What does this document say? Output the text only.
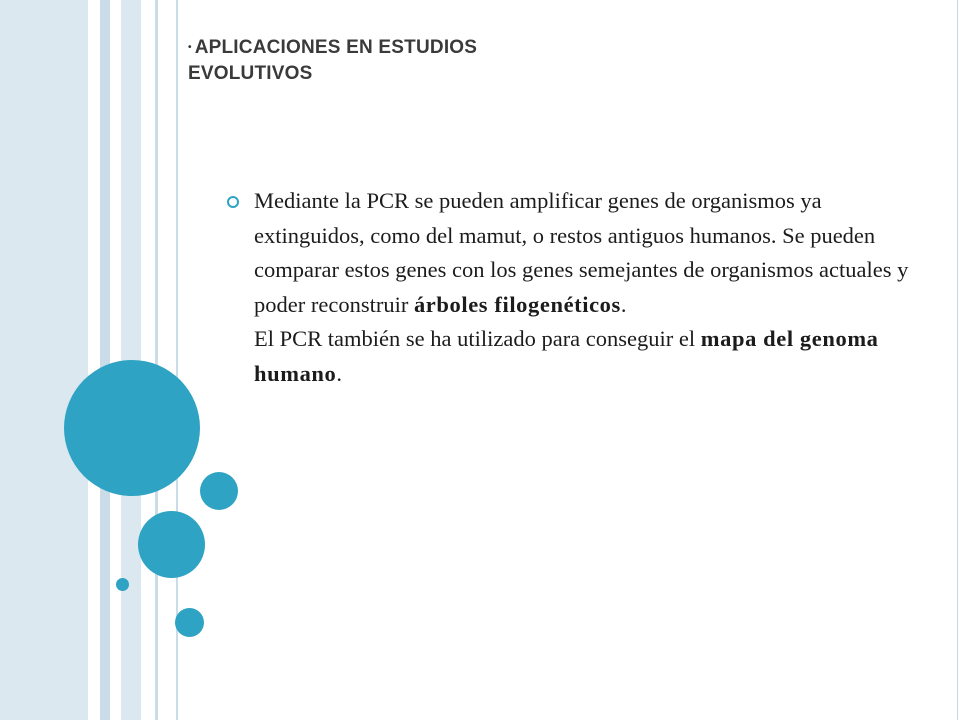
• APLICACIONES EN ESTUDIOS
EVOLUTIVOS

Mediante la PCR se pueden amplificar genes de organismos ya extinguidos, como del mamut, o restos antiguos humanos. Se pueden comparar estos genes con los genes semejantes de organismos actuales y poder reconstruir árboles filogenéticos.

El PCR también se ha utilizado para conseguir el mapa del genoma humano.
